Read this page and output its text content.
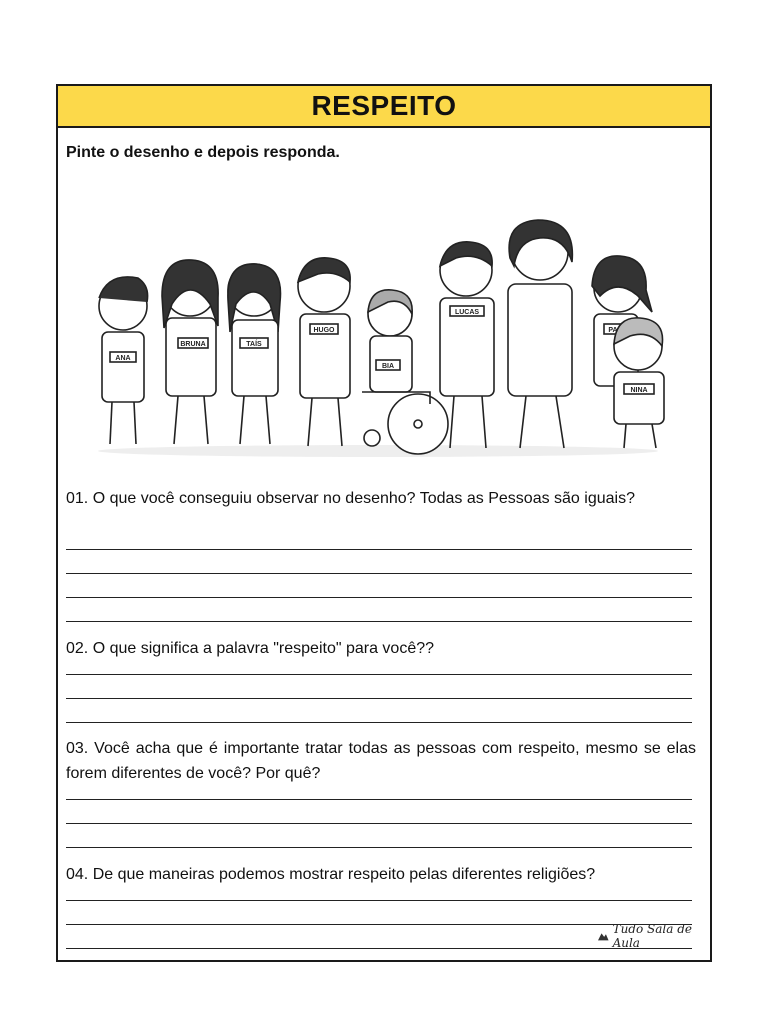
RESPEITO
Pinte o desenho e depois responda.
ANA
BRUNA	TAÍS
HUGO
BIA
LUCAS
PA
NINA
01. O que você conseguiu observar no desenho? Todas as Pessoas são iguais?
02. O que significa a palavra "respeito" para você??
03. Você acha que é importante tratar todas as pessoas com respeito, mesmo se elas forem diferentes de você? Por quê?
04. De que maneiras podemos mostrar respeito pelas diferentes religiões?
Tudo Sala de Aula
